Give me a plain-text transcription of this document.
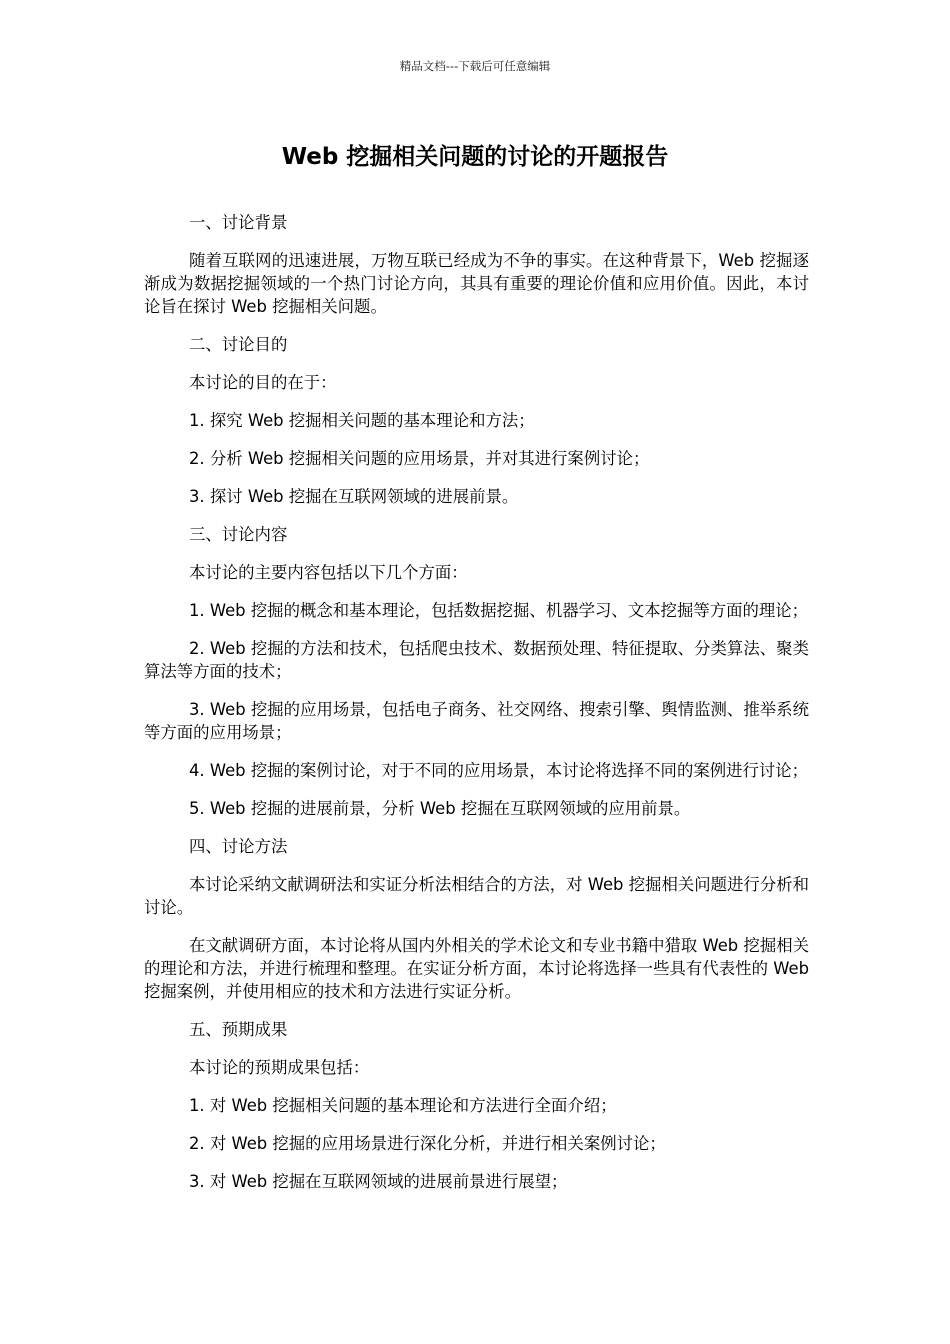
精品文档---下载后可任意编辑

Web 挖掘相关问题的讨论的开题报告

一、讨论背景

随着互联网的迅速进展，万物互联已经成为不争的事实。在这种背景下，Web 挖掘逐渐成为数据挖掘领域的一个热门讨论方向，其具有重要的理论价值和应用价值。因此，本讨论旨在探讨 Web 挖掘相关问题。

二、讨论目的

本讨论的目的在于：

1. 探究 Web 挖掘相关问题的基本理论和方法；

2. 分析 Web 挖掘相关问题的应用场景，并对其进行案例讨论；

3. 探讨 Web 挖掘在互联网领域的进展前景。

三、讨论内容

本讨论的主要内容包括以下几个方面：

1. Web 挖掘的概念和基本理论，包括数据挖掘、机器学习、文本挖掘等方面的理论；

2. Web 挖掘的方法和技术，包括爬虫技术、数据预处理、特征提取、分类算法、聚类算法等方面的技术；

3. Web 挖掘的应用场景，包括电子商务、社交网络、搜索引擎、舆情监测、推举系统等方面的应用场景；

4. Web 挖掘的案例讨论，对于不同的应用场景，本讨论将选择不同的案例进行讨论；

5. Web 挖掘的进展前景，分析 Web 挖掘在互联网领域的应用前景。

四、讨论方法

本讨论采纳文献调研法和实证分析法相结合的方法，对 Web 挖掘相关问题进行分析和讨论。

在文献调研方面，本讨论将从国内外相关的学术论文和专业书籍中猎取 Web 挖掘相关的理论和方法，并进行梳理和整理。在实证分析方面，本讨论将选择一些具有代表性的 Web 挖掘案例，并使用相应的技术和方法进行实证分析。

五、预期成果

本讨论的预期成果包括：

1. 对 Web 挖掘相关问题的基本理论和方法进行全面介绍；

2. 对 Web 挖掘的应用场景进行深化分析，并进行相关案例讨论；

3. 对 Web 挖掘在互联网领域的进展前景进行展望；
